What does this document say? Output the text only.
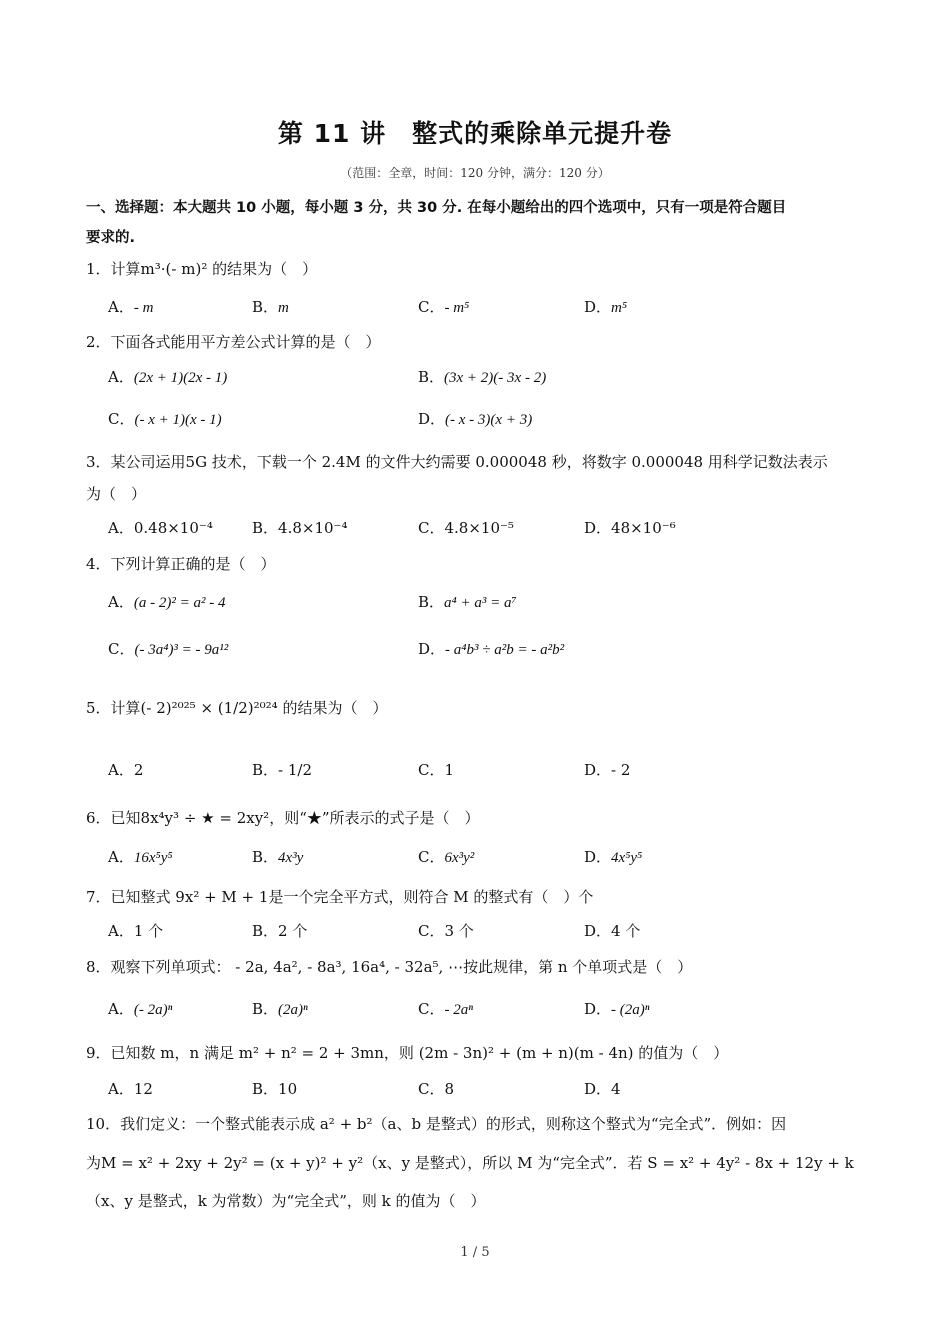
第 11 讲　整式的乘除单元提升卷
（范围：全章，时间：120 分钟，满分：120 分）
一、选择题：本大题共 10 小题，每小题 3 分，共 30 分. 在每小题给出的四个选项中，只有一项是符合题目
要求的.
1．计算m³·(- m)² 的结果为（　）
A．- m	B．m	C．- m⁵	D．m⁵
2．下面各式能用平方差公式计算的是（　）
A．(2x + 1)(2x - 1)	B．(3x + 2)(- 3x - 2)
C．(- x + 1)(x - 1)	D．(- x - 3)(x + 3)
3．某公司运用5G 技术，下载一个 2.4M 的文件大约需要 0.000048 秒，将数字 0.000048 用科学记数法表示
为（　）
A．0.48×10⁻⁴	B．4.8×10⁻⁴	C．4.8×10⁻⁵	D．48×10⁻⁶
4．下列计算正确的是（　）
A．(a - 2)² = a² - 4	B．a⁴ + a³ = a⁷
C．(- 3a⁴)³ = - 9a¹²	D．- a⁴b³ ÷ a²b = - a²b²
5．计算(- 2)²⁰²⁵ × (1/2)²⁰²⁴ 的结果为（　）
A．2	B．- 1/2	C．1	D．- 2
6．已知8x⁴y³ ÷ ★ = 2xy²，则“★”所表示的式子是（　）
A．16x⁵y⁵	B．4x³y	C．6x³y²	D．4x⁵y⁵
7．已知整式 9x² + M + 1是一个完全平方式，则符合 M 的整式有（　）个
A．1 个	B．2 个	C．3 个	D．4 个
8．观察下列单项式： - 2a, 4a², - 8a³, 16a⁴, - 32a⁵, ⋯按此规律，第 n 个单项式是（　）
A．(- 2a)ⁿ	B．(2a)ⁿ	C．- 2aⁿ	D．- (2a)ⁿ
9．已知数 m，n 满足 m² + n² = 2 + 3mn，则 (2m - 3n)² + (m + n)(m - 4n) 的值为（　）
A．12	B．10	C．8	D．4
10．我们定义：一个整式能表示成 a² + b²（a、b 是整式）的形式，则称这个整式为“完全式”．例如：因
为M = x² + 2xy + 2y² = (x + y)² + y²（x、y 是整式），所以 M 为“完全式”．若 S = x² + 4y² - 8x + 12y + k
（x、y 是整式，k 为常数）为“完全式”，则 k 的值为（　）
1 / 5
